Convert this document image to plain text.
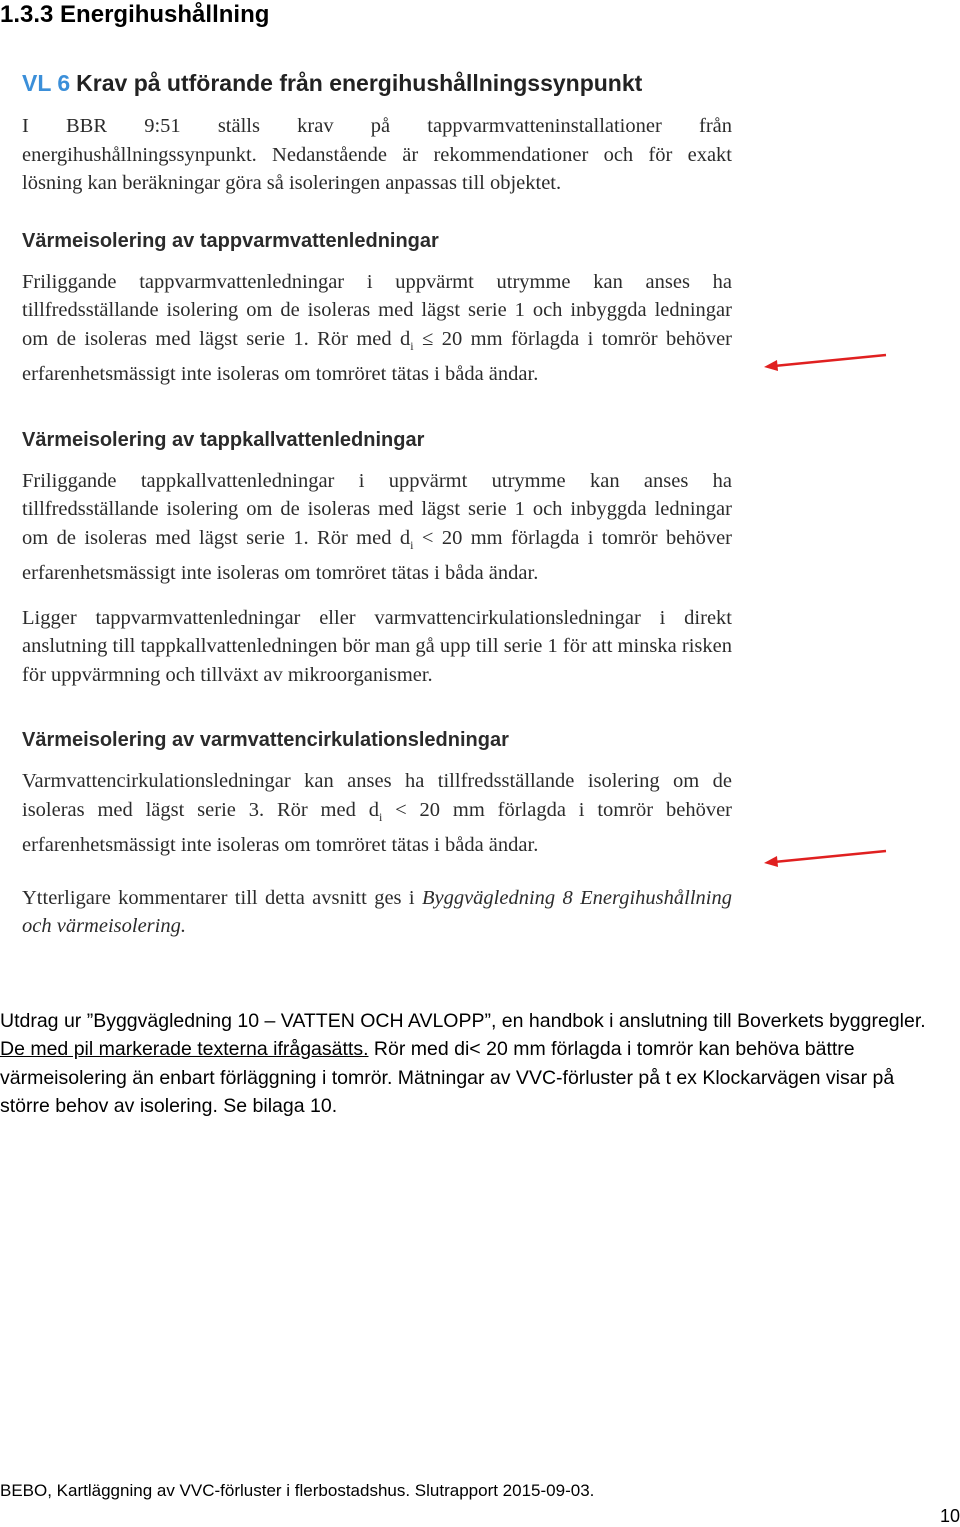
1.3.3 Energihushållning
VL 6 Krav på utförande från energihushållningssynpunkt

I BBR 9:51 ställs krav på tappvarmvatteninstallationer från energihushållningssynpunkt. Nedanstående är rekommendationer och för exakt lösning kan beräkningar göra så isoleringen anpassas till objektet.

Värmeisolering av tappvarmvattenledningar

Friliggande tappvarmvattenledningar i uppvärmt utrymme kan anses ha tillfredsställande isolering om de isoleras med lägst serie 1 och inbyggda ledningar om de isoleras med lägst serie 1. Rör med $d_i \le 20$ mm förlagda i tomrör behöver erfarenhetsmässigt inte isoleras om tomröret tätas i båda ändar.

Värmeisolering av tappkallvattenledningar

Friliggande tappkallvattenledningar i uppvärmt utrymme kan anses ha tillfredsställande isolering om de isoleras med lägst serie 1 och inbyggda ledningar om de isoleras med lägst serie 1. Rör med $d_i < 20$ mm förlagda i tomrör behöver erfarenhetsmässigt inte isoleras om tomröret tätas i båda ändar.

Ligger tappvarmvattenledningar eller varmvattencirkulationsledningar i direkt anslutning till tappkallvattenledningen bör man gå upp till serie 1 för att minska risken för uppvärmning och tillväxt av mikroorganismer.

Värmeisolering av varmvattencirkulationsledningar

Varmvattencirkulationsledningar kan anses ha tillfredsställande isolering om de isoleras med lägst serie 3. Rör med $d_i < 20$ mm förlagda i tomrör behöver erfarenhetsmässigt inte isoleras om tomröret tätas i båda ändar.

Ytterligare kommentarer till detta avsnitt ges i Byggvägledning 8 Energihushållning och värmeisolering.

Utdrag ur ”Byggvägledning 10 – VATTEN OCH AVLOPP”, en handbok i anslutning till Boverkets byggregler. De med pil markerade texterna ifrågasätts. Rör med di< 20 mm förlagda i tomrör kan behöva bättre värmeisolering än enbart förläggning i tomrör. Mätningar av VVC-förluster på t ex Klockarvägen visar på större behov av isolering. Se bilaga 10.

BEBO, Kartläggning av VVC-förluster i flerbostadshus. Slutrapport 2015-09-03.
10
